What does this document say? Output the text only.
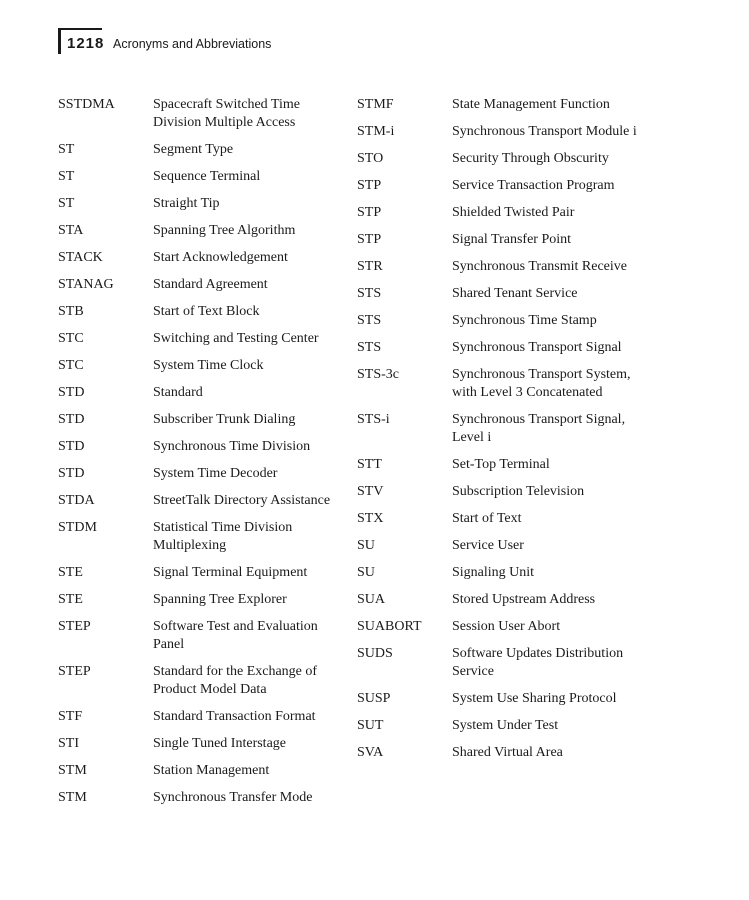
1218 Acronyms and Abbreviations
SSTDMA	Spacecraft Switched Time Division Multiple Access
ST	Segment Type
ST	Sequence Terminal
ST	Straight Tip
STA	Spanning Tree Algorithm
STACK	Start Acknowledgement
STANAG	Standard Agreement
STB	Start of Text Block
STC	Switching and Testing Center
STC	System Time Clock
STD	Standard
STD	Subscriber Trunk Dialing
STD	Synchronous Time Division
STD	System Time Decoder
STDA	StreetTalk Directory Assistance
STDM	Statistical Time Division Multiplexing
STE	Signal Terminal Equipment
STE	Spanning Tree Explorer
STEP	Software Test and Evaluation Panel
STEP	Standard for the Exchange of Product Model Data
STF	Standard Transaction Format
STI	Single Tuned Interstage
STM	Station Management
STM	Synchronous Transfer Mode
STMF	State Management Function
STM-i	Synchronous Transport Module i
STO	Security Through Obscurity
STP	Service Transaction Program
STP	Shielded Twisted Pair
STP	Signal Transfer Point
STR	Synchronous Transmit Receive
STS	Shared Tenant Service
STS	Synchronous Time Stamp
STS	Synchronous Transport Signal
STS-3c	Synchronous Transport System, with Level 3 Concatenated
STS-i	Synchronous Transport Signal, Level i
STT	Set-Top Terminal
STV	Subscription Television
STX	Start of Text
SU	Service User
SU	Signaling Unit
SUA	Stored Upstream Address
SUABORT	Session User Abort
SUDS	Software Updates Distribution Service
SUSP	System Use Sharing Protocol
SUT	System Under Test
SVA	Shared Virtual Area
